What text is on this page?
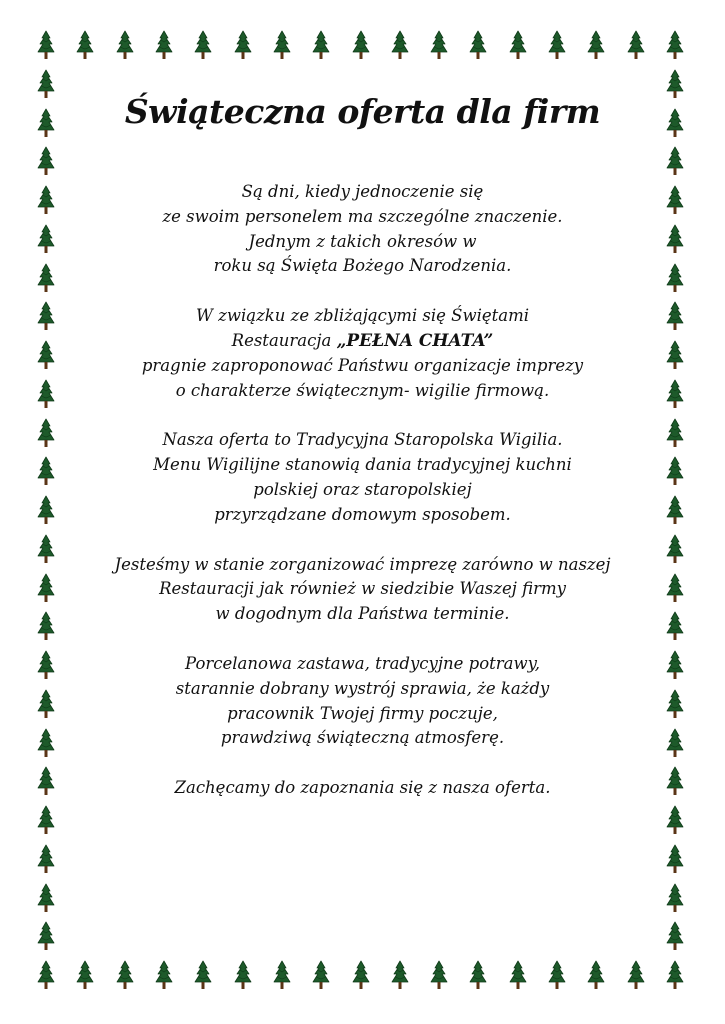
Świąteczna oferta dla firm
Są dni, kiedy jednoczenie się
ze swoim personelem ma szczególne znaczenie.
Jednym z takich okresów w
roku są Święta Bożego Narodzenia.
W związku ze zbliżającymi się Świętami
Restauracja „PEŁNA CHATA”
pragnie zaproponować Państwu organizacje imprezy
o charakterze świątecznym- wigilie firmową.
Nasza oferta to Tradycyjna Staropolska Wigilia.
Menu Wigilijne stanowią dania tradycyjnej kuchni
polskiej oraz staropolskiej
przyrządzane domowym sposobem.
Jesteśmy w stanie zorganizować imprezę zarówno w naszej
Restauracji jak również w siedzibie Waszej firmy
w dogodnym dla Państwa terminie.
Porcelanowa zastawa, tradycyjne potrawy,
starannie dobrany wystrój sprawia, że każdy
pracownik Twojej firmy poczuje,
prawdziwą świąteczną atmosferę.
Zachęcamy do zapoznania się z nasza oferta.
